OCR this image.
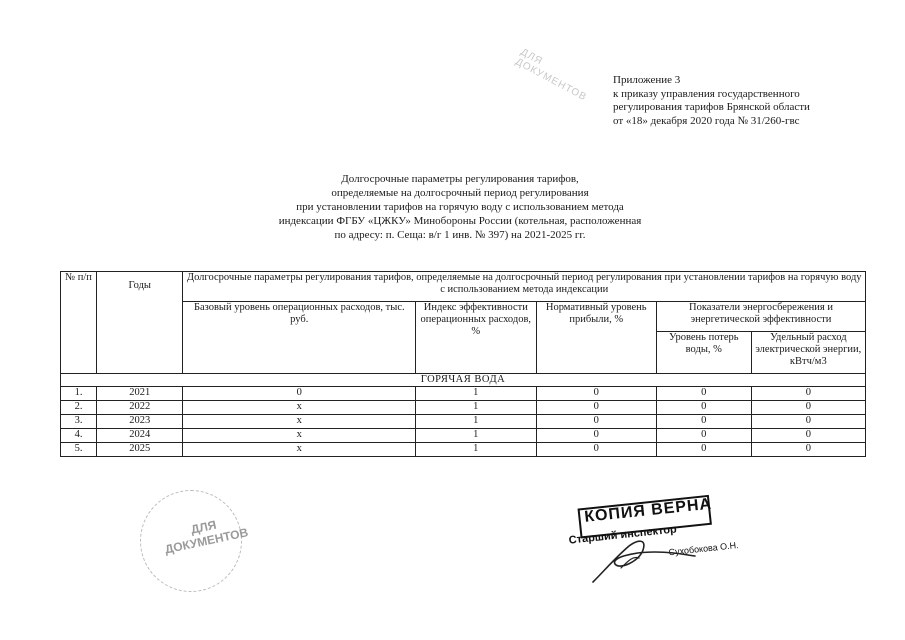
Приложение 3
к приказу управления государственного
регулирования тарифов Брянской области
от «18» декабря 2020 года № 31/260-гвс
ДЛЯ ДОКУМЕНТОВ
Долгосрочные параметры регулирования тарифов,
определяемые на долгосрочный период регулирования
при установлении тарифов на горячую воду с использованием метода
индексации ФГБУ «ЦЖКУ» Минобороны России (котельная, расположенная
по адресу: п. Сеща: в/г 1 инв. № 397) на 2021-2025 гг.
№ п/п	Годы	Долгосрочные параметры регулирования тарифов, определяемые на долгосрочный период регулирования при установлении тарифов на горячую воду с использованием метода индексации				
		Базовый уровень операционных расходов, тыс. руб.	Индекс эффективности операционных расходов, %	Нормативный уровень прибыли, %	Показатели энергосбережения и энергетической эффективности	
					Уровень потерь воды, %	Удельный расход электрической энергии, кВтч/м3
ГОРЯЧАЯ ВОДА						
1.	2021	0	1	0	0	0
2.	2022	х	1	0	0	0
3.	2023	х	1	0	0	0
4.	2024	х	1	0	0	0
5.	2025	х	1	0	0	0
ДЛЯ ДОКУМЕНТОВ
КОПИЯ ВЕРНА
Старший инспектор
Сухобокова О.Н.
